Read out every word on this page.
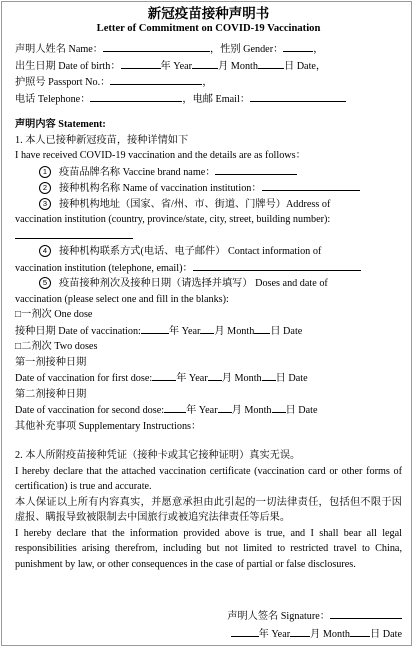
新冠疫苗接种声明书
Letter of Commitment on COVID-19 Vaccination
声明人姓名 Name：	，性别 Gender：	，
出生日期 Date of birth：	年 Year	月 Month	日 Date，
护照号 Passport No.：	，
电话 Telephone：	，电邮 Email：
声明内容 Statement:
1. 本人已接种新冠疫苗，接种详情如下
I have received COVID-19 vaccination and the details are as follows：
1 疫苗品牌名称 Vaccine brand name：
2 接种机构名称 Name of vaccination institution：
3 接种机构地址（国家、省/州、市、街道、门牌号）Address of
vaccination institution (country, province/state, city, street, building number):
4 接种机构联系方式(电话、电子邮件） Contact information of
vaccination institution (telephone, email)：
5 疫苗接种剂次及接种日期（请选择并填写） Doses and date of
vaccination (please select one and fill in the blanks):
□一剂次 One dose
接种日期 Date of vaccination:	年 Year 月 Month 日 Date
□二剂次 Two doses
第一剂接种日期
Date of vaccination for first dose: 年 Year 月 Month 日 Date
第二剂接种日期
Date of vaccination for second dose: 年 Year 月 Month 日 Date
其他补充事项 Supplementary Instructions：
2. 本人所附疫苗接种凭证（接种卡或其它接种证明）真实无误。
I hereby declare that the attached vaccination certificate (vaccination card or other forms of certification) is true and accurate.
本人保证以上所有内容真实，并愿意承担由此引起的一切法律责任，包括但不限于因虚报、瞒报导致被限制去中国旅行或被追究法律责任等后果。
I hereby declare that the information provided above is true, and I shall bear all legal responsibilities arising therefrom, including but not limited to restricted travel to China, punishment by law, or other consequences in the case of partial or false disclosures.
声明人签名 Signature：
年 Year 月 Month 日 Date
